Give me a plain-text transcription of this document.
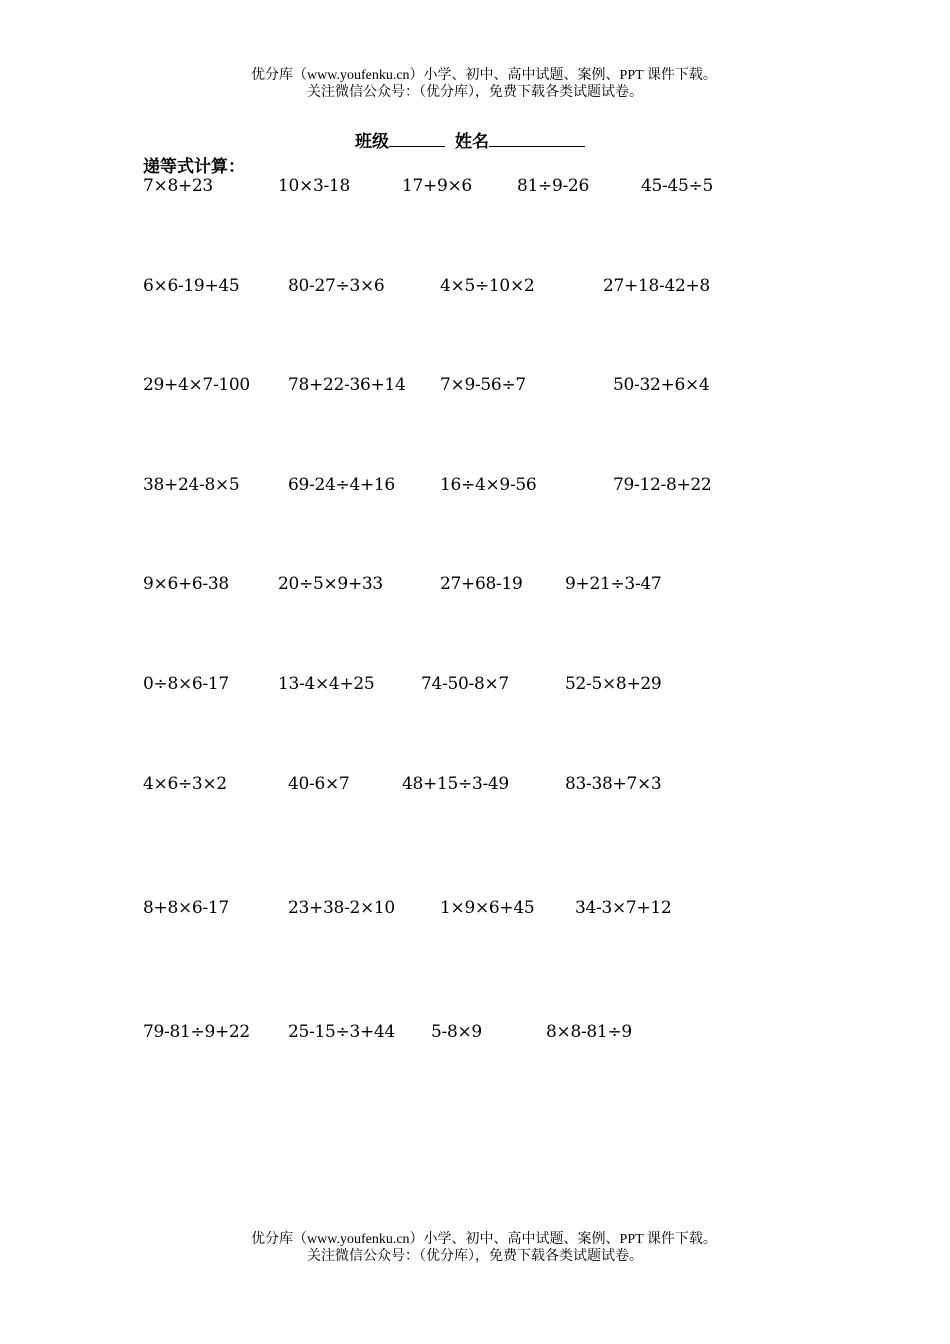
优分库（www.youfenku.cn）小学、初中、高中试题、案例、PPT 课件下载。
关注微信公众号：（优分库），免费下载各类试题试卷。
班级	姓名
递等式计算：
7×8+23	10×3-18	17+9×6	81÷9-26	45-45÷5
6×6-19+45	80-27÷3×6	4×5÷10×2	27+18-42+8
29+4×7-100 78+22-36+14 7×9-56÷7	50-32+6×4
38+24-8×5	69-24÷4+16	16÷4×9-56	79-12-8+22
9×6+6-38	20÷5×9+33	27+68-19	9+21÷3-47
0÷8×6-17	13-4×4+25	74-50-8×7	52-5×8+29
4×6÷3×2	40-6×7	48+15÷3-49	83-38+7×3
8+8×6-17	23+38-2×10	1×9×6+45 34-3×7+12
79-81÷9+22 25-15÷3+44 5-8×9	8×8-81÷9
优分库（www.youfenku.cn）小学、初中、高中试题、案例、PPT 课件下载。
关注微信公众号：（优分库），免费下载各类试题试卷。
